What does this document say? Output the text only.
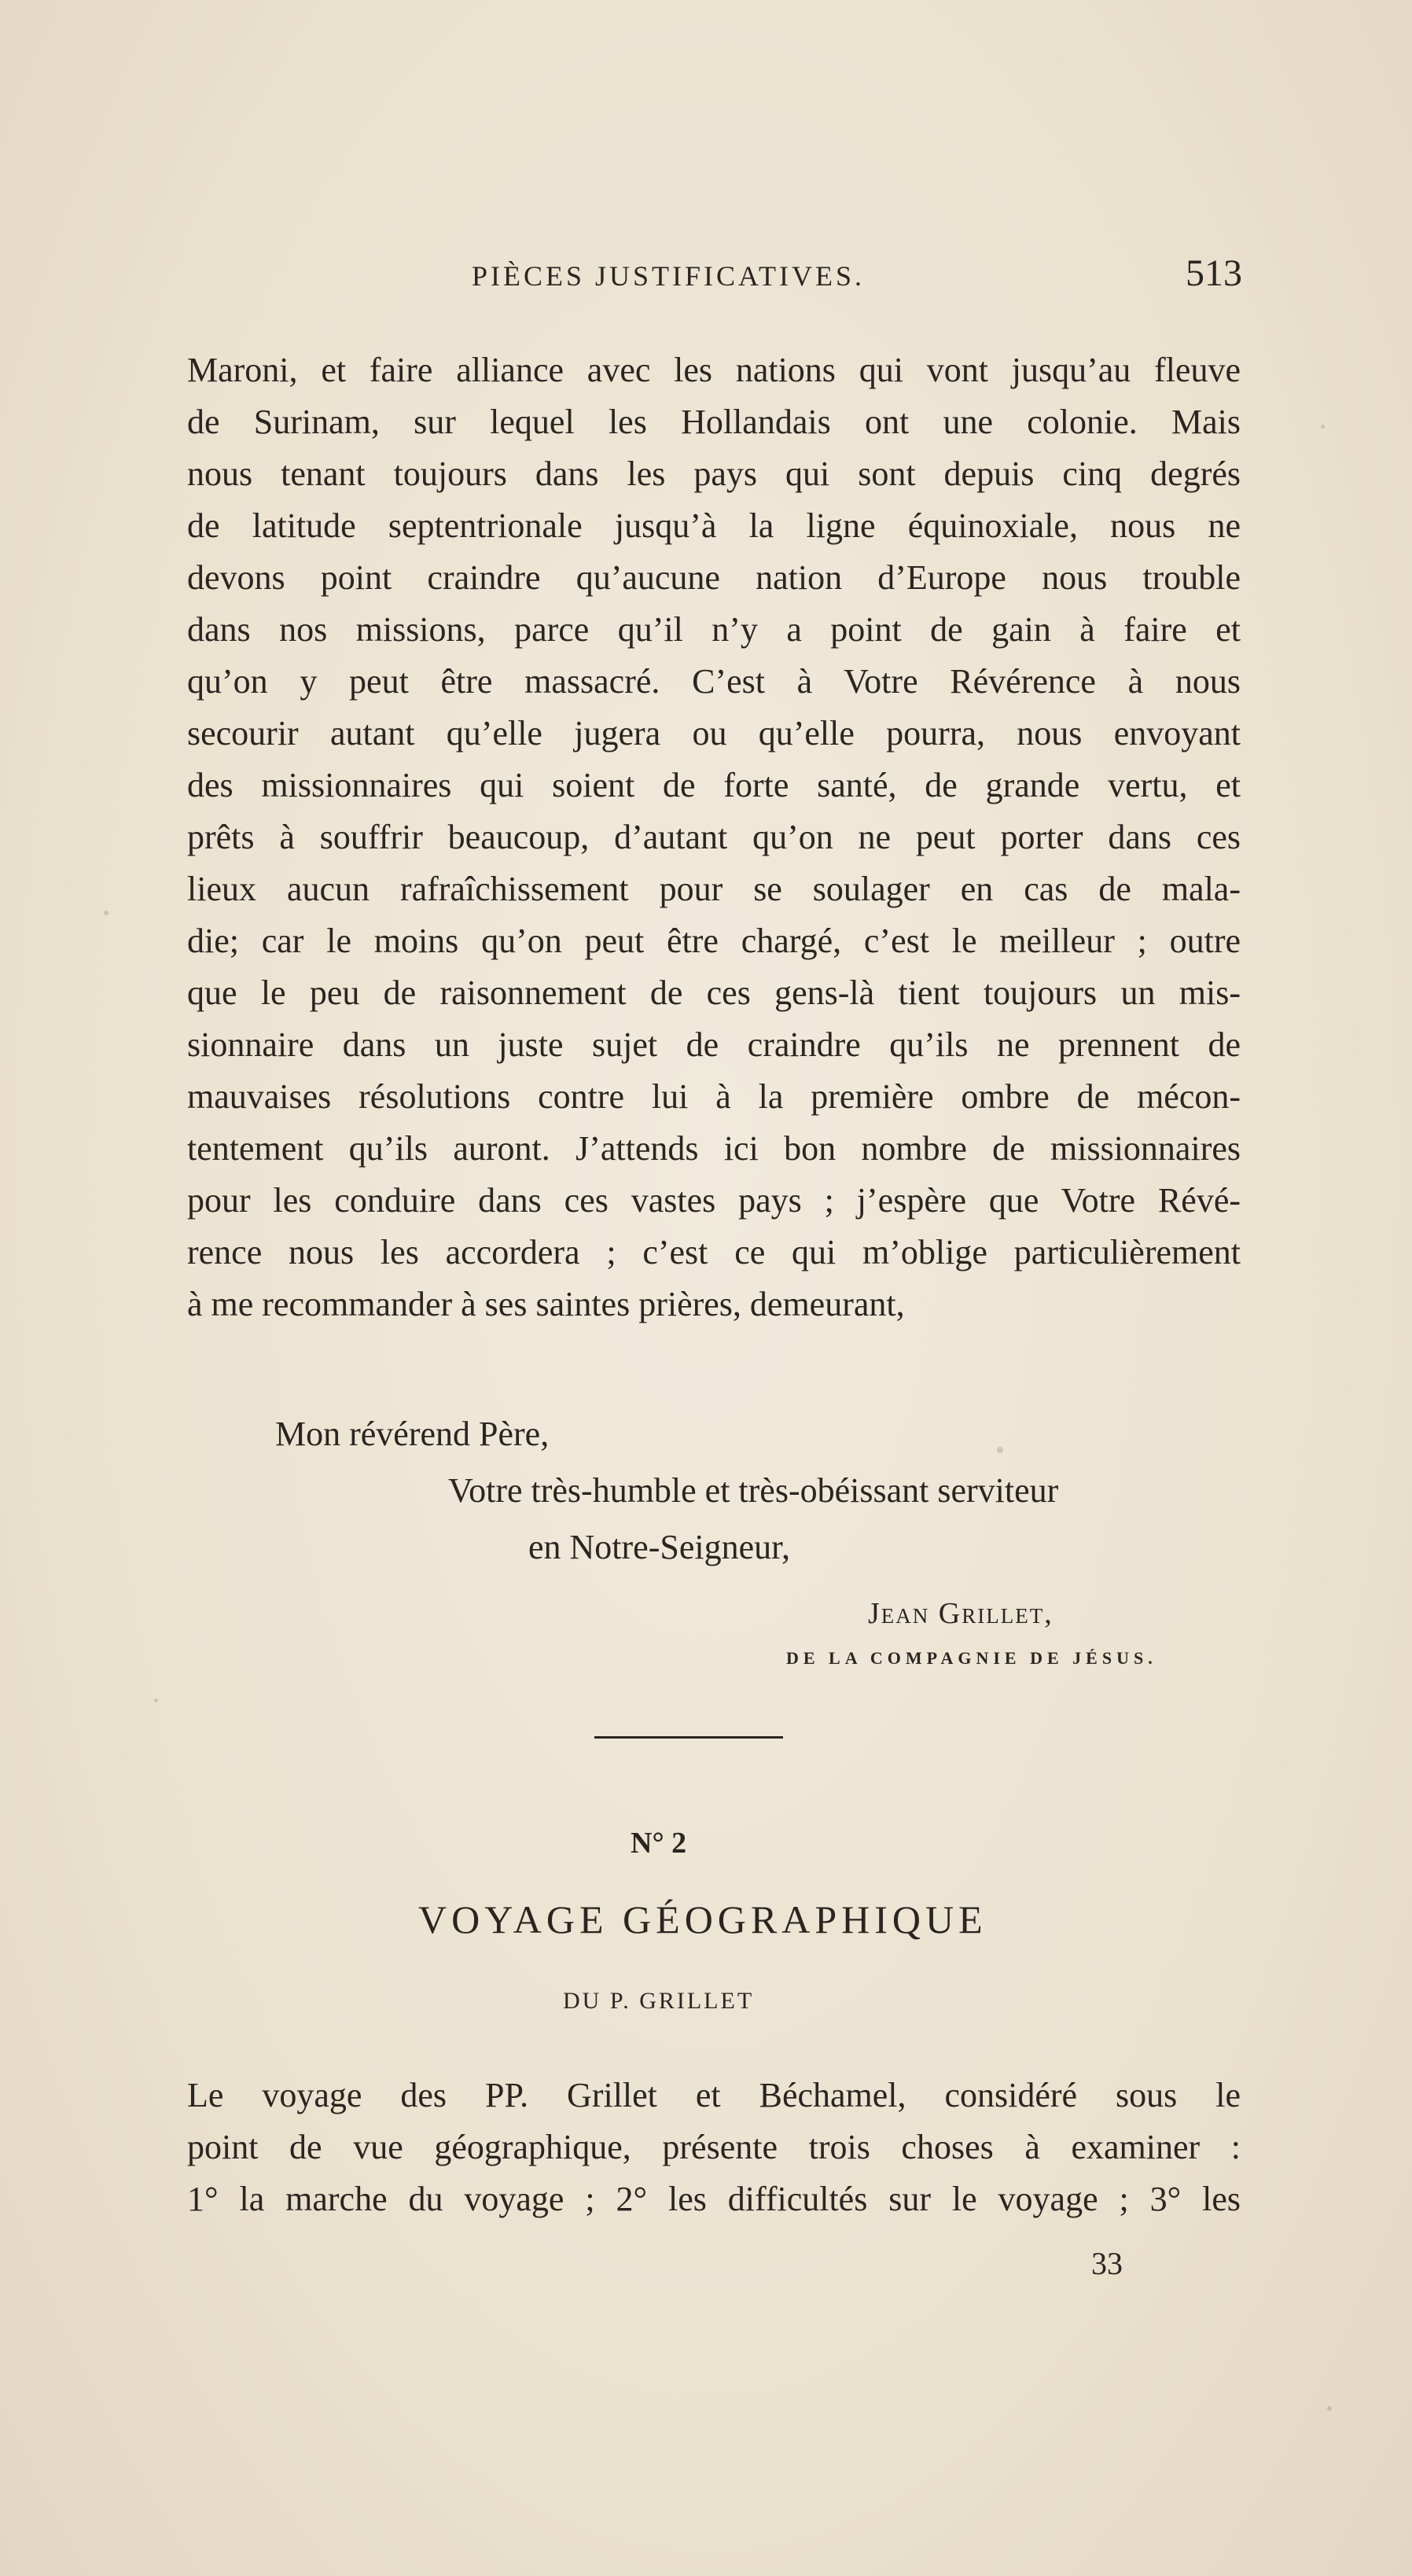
PIÈCES JUSTIFICATIVES.	513
Maroni, et faire alliance avec les nations qui vont jusqu’au fleuve
de Surinam, sur lequel les Hollandais ont une colonie. Mais
nous tenant toujours dans les pays qui sont depuis cinq degrés
de latitude septentrionale jusqu’à la ligne équinoxiale, nous ne
devons point craindre qu’aucune nation d’Europe nous trouble
dans nos missions, parce qu’il n’y a point de gain à faire et
qu’on y peut être massacré. C’est à Votre Révérence à nous
secourir autant qu’elle jugera ou qu’elle pourra, nous envoyant
des missionnaires qui soient de forte santé, de grande vertu, et
prêts à souffrir beaucoup, d’autant qu’on ne peut porter dans ces
lieux aucun rafraîchissement pour se soulager en cas de mala-
die; car le moins qu’on peut être chargé, c’est le meilleur ; outre
que le peu de raisonnement de ces gens-là tient toujours un mis-
sionnaire dans un juste sujet de craindre qu’ils ne prennent de
mauvaises résolutions contre lui à la première ombre de mécon-
tentement qu’ils auront. J’attends ici bon nombre de missionnaires
pour les conduire dans ces vastes pays ; j’espère que Votre Révé-
rence nous les accordera ; c’est ce qui m’oblige particulièrement
à me recommander à ses saintes prières, demeurant,
Mon révérend Père,
Votre très-humble et très-obéissant serviteur
en Notre-Seigneur,
Jean Grillet,
DE LA COMPAGNIE DE JÉSUS.
N° 2
VOYAGE GÉOGRAPHIQUE
DU P. GRILLET
Le voyage des PP. Grillet et Béchamel, considéré sous le
point de vue géographique, présente trois choses à examiner :
1° la marche du voyage ; 2° les difficultés sur le voyage ; 3° les
33
